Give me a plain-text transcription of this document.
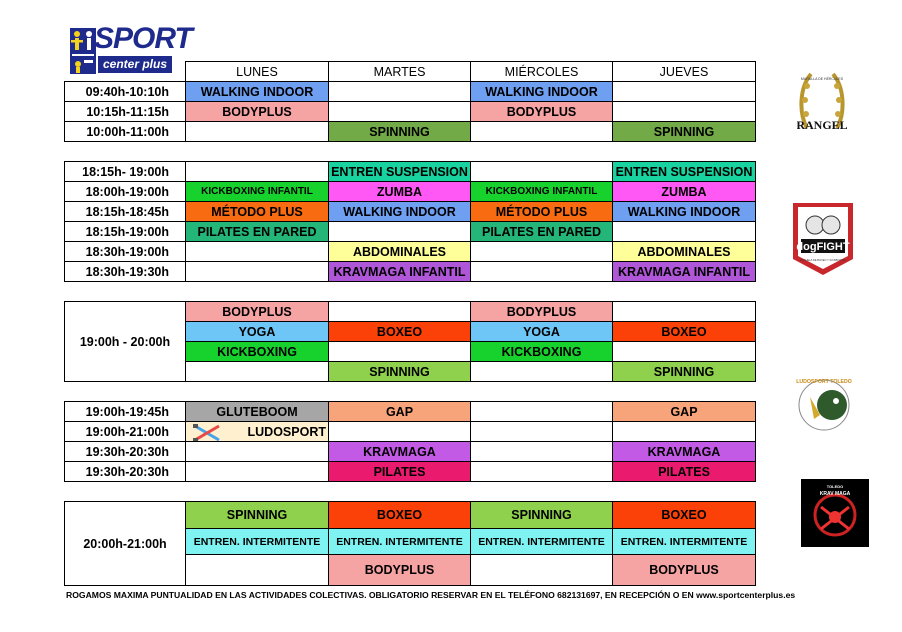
SPORT
center plus
	LUNES	MARTES	MIÉRCOLES	JUEVES
09:40h-10:10h	WALKING INDOOR		WALKING INDOOR	
10:15h-11:15h	BODYPLUS		BODYPLUS	
10:00h-11:00h		SPINNING		SPINNING
18:15h- 19:00h		ENTREN SUSPENSION		ENTREN SUSPENSION
18:00h-19:00h	KICKBOXING INFANTIL	ZUMBA	KICKBOXING INFANTIL	ZUMBA
18:15h-18:45h	MÉTODO PLUS	WALKING INDOOR	MÉTODO PLUS	WALKING INDOOR
18:15h-19:00h	PILATES EN PARED		PILATES EN PARED	
18:30h-19:00h		ABDOMINALES		ABDOMINALES
18:30h-19:30h		KRAVMAGA INFANTIL		KRAVMAGA INFANTIL
19:00h - 20:00h	BODYPLUS		BODYPLUS	
	YOGA	BOXEO	YOGA	BOXEO
	KICKBOXING		KICKBOXING	
		SPINNING		SPINNING
19:00h-19:45h	GLUTEBOOM	GAP		GAP
19:00h-21:00h	LUDOSPORT			
19:30h-20:30h		KRAVMAGA		KRAVMAGA
19:30h-20:30h		PILATES		PILATES
20:00h-21:00h	SPINNING	BOXEO	SPINNING	BOXEO
	ENTREN. INTERMITENTE	ENTREN. INTERMITENTE	ENTREN. INTERMITENTE	ENTREN. INTERMITENTE
		BODYPLUS		BODYPLUS
MURALLA DE HÉRCULES
RANGEL
dogFIGHT
ESCUELA DE BOXEO Y KICKBOXING
LUDOSPORT TOLEDO
TOLEDO
KRAV MAGA
ROGAMOS MAXIMA PUNTUALIDAD EN LAS ACTIVIDADES COLECTIVAS. OBLIGATORIO RESERVAR EN EL TELÉFONO 682131697, EN RECEPCIÓN O EN www.sportcenterplus.es
